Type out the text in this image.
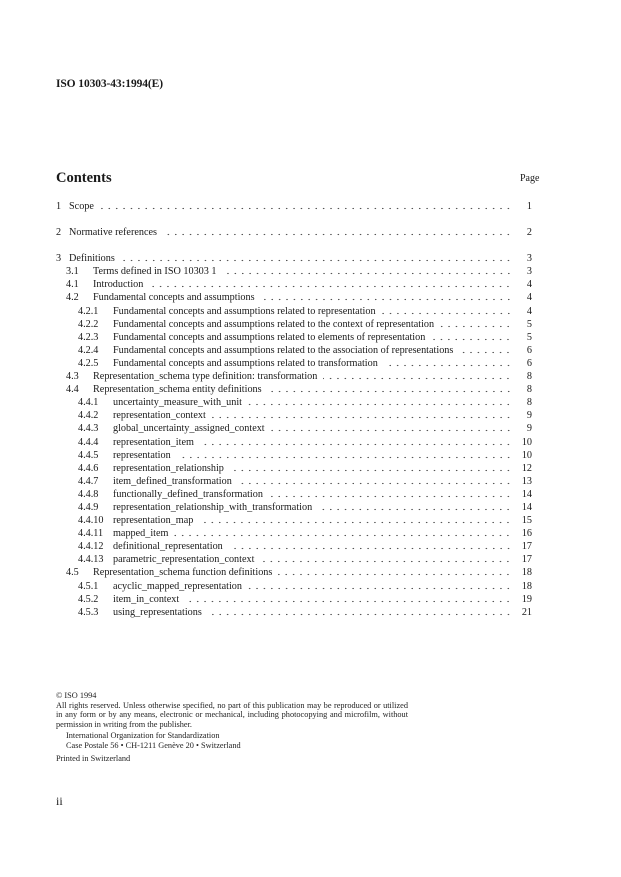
ISO 10303-43:1994(E)
Contents	Page
1 Scope	1
2 Normative references	2
3 Definitions	3
3.1	Terms defined in ISO 10303 1	3
4.1	Introduction	4
4.2	Fundamental concepts and assumptions	4
4.2.1	Fundamental concepts and assumptions related to representation	4
4.2.2	Fundamental concepts and assumptions related to the context of representation	5
4.2.3	Fundamental concepts and assumptions related to elements of representation	5
4.2.4	Fundamental concepts and assumptions related to the association of representations	6
4.2.5	Fundamental concepts and assumptions related to transformation	6
4.3	Representation_schema type definition: transformation	8
4.4	Representation_schema entity definitions	8
4.4.1	uncertainty_measure_with_unit	8
4.4.2	representation_context	9
4.4.3	global_uncertainty_assigned_context	9
4.4.4	representation_item	10
4.4.5	representation	10
4.4.6	representation_relationship	12
4.4.7	item_defined_transformation	13
4.4.8	functionally_defined_transformation	14
4.4.9	representation_relationship_with_transformation	14
4.4.10 representation_map	15
4.4.11 mapped_item	16
4.4.12 definitional_representation	17
4.4.13 parametric_representation_context	17
4.5	Representation_schema function definitions	18
4.5.1	acyclic_mapped_representation	18
4.5.2	item_in_context	19
4.5.3	using_representations	21

© ISO 1994

All rights reserved. Unless otherwise specified, no part of this publication may be reproduced or utilized in any form or by any means, electronic or mechanical, including photocopying and microfilm, without permission in writing from the publisher.

International Organization for Standardization

Case Postale 56 • CH-1211 Genève 20 • Switzerland

Printed in Switzerland

ii
